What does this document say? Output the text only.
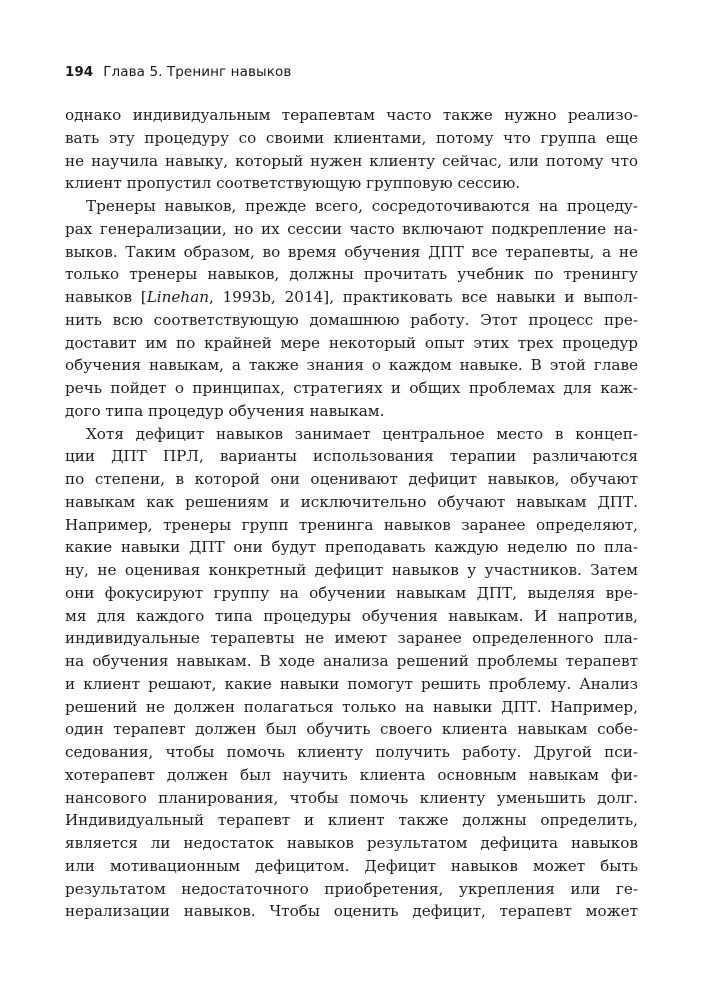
194 Глава 5. Тренинг навыков
однако индивидуальным терапевтам часто также нужно реализо-
вать эту процедуру со своими клиентами, потому что группа еще
не научила навыку, который нужен клиенту сейчас, или потому что
клиент пропустил соответствующую групповую сессию.
Тренеры навыков, прежде всего, сосредоточиваются на процеду-
рах генерализации, но их сессии часто включают подкрепление на-
выков. Таким образом, во время обучения ДПТ все терапевты, а не
только тренеры навыков, должны прочитать учебник по тренингу
навыков [Linehan, 1993b, 2014], практиковать все навыки и выпол-
нить всю соответствующую домашнюю работу. Этот процесс пре-
доставит им по крайней мере некоторый опыт этих трех процедур
обучения навыкам, а также знания о каждом навыке. В этой главе
речь пойдет о принципах, стратегиях и общих проблемах для каж-
дого типа процедур обучения навыкам.
Хотя дефицит навыков занимает центральное место в концеп-
ции ДПТ ПРЛ, варианты использования терапии различаются
по степени, в которой они оценивают дефицит навыков, обучают
навыкам как решениям и исключительно обучают навыкам ДПТ.
Например, тренеры групп тренинга навыков заранее определяют,
какие навыки ДПТ они будут преподавать каждую неделю по пла-
ну, не оценивая конкретный дефицит навыков у участников. Затем
они фокусируют группу на обучении навыкам ДПТ, выделяя вре-
мя для каждого типа процедуры обучения навыкам. И напротив,
индивидуальные терапевты не имеют заранее определенного пла-
на обучения навыкам. В ходе анализа решений проблемы терапевт
и клиент решают, какие навыки помогут решить проблему. Анализ
решений не должен полагаться только на навыки ДПТ. Например,
один терапевт должен был обучить своего клиента навыкам собе-
седования, чтобы помочь клиенту получить работу. Другой пси-
хотерапевт должен был научить клиента основным навыкам фи-
нансового планирования, чтобы помочь клиенту уменьшить долг.
Индивидуальный терапевт и клиент также должны определить,
является ли недостаток навыков результатом дефицита навыков
или мотивационным дефицитом. Дефицит навыков может быть
результатом недостаточного приобретения, укрепления или ге-
нерализации навыков. Чтобы оценить дефицит, терапевт может
